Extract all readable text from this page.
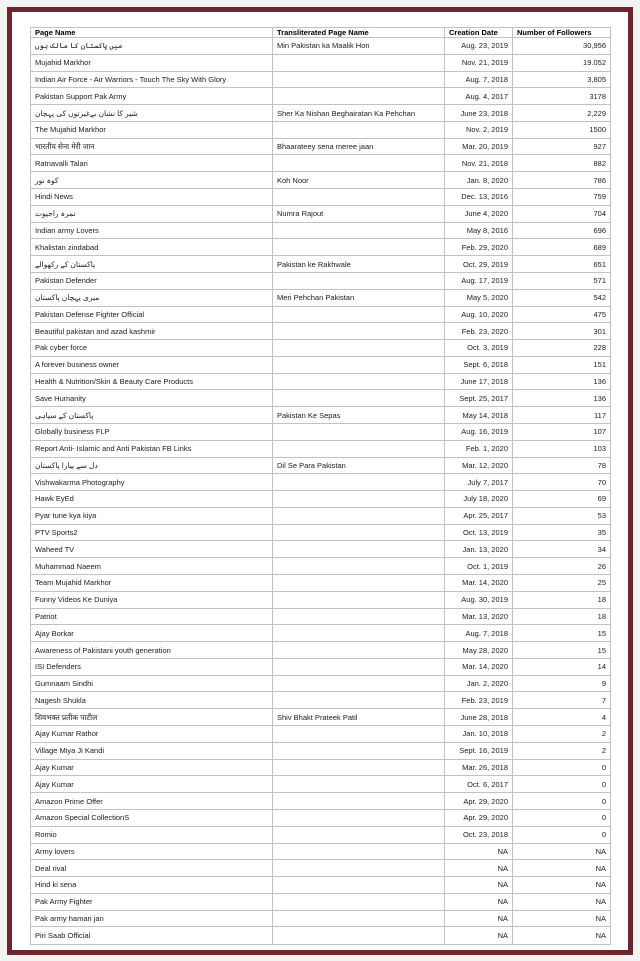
Page Name	Transliterated Page Name	Creation Date	Number of Followers
میں پاکستان کا مالک ہوں	Min Pakistan ka Maalik Hon	Aug. 23, 2019	30,956
Mujahid Markhor		Nov. 21, 2019	19.052
Indian Air Force - Air Warriors - Touch The Sky With Glory		Aug. 7, 2018	3,805
Pakistan Support Pak Army		Aug. 4, 2017	3178
شیر کا نشان بےغیرتوں کی پہچان	Sher Ka Nishan Beghairatan Ka Pehchan	June 23, 2018	2,229
The Mujahid Markhor		Nov. 2, 2019	1500
भारतीय सेना मेरी जान	Bhaarateey sena meree jaan	Mar. 20, 2019	927
Ratnavalli Talari		Nov. 21, 2018	882
کوہ نور	Koh Noor	Jan. 8, 2020	786
Hindi News		Dec. 13, 2016	759
نمرہ راجپوت	Numra Rajout	June 4, 2020	704
Indian army Lovers		May 8, 2016	696
Khalistan zindabad		Feb. 29, 2020	689
پاکستان کے رکھوالے	Pakistan ke Rakhwale	Oct. 29, 2019	651
Pakistan Defender		Aug. 17, 2019	571
میری پہچان پاکستان	Meri Pehchan Pakistan	May 5, 2020	542
Pakistan Defense Fighter Official		Aug. 10, 2020	475
Beautiful pakistan and azad kashmir		Feb. 23, 2020	301
Pak cyber force		Oct. 3, 2019	228
A forever business owner		Sept. 6, 2018	151
Health & Nutrition/Skin & Beauty Care Products		June 17, 2018	136
Save Humanity		Sept. 25, 2017	136
پاکستان کے سپاہی	Pakistan Ke Sepas	May 14, 2018	117
Globally business FLP		Aug. 16, 2019	107
Report Anti- Islamic and Anti Pakistan FB Links		Feb. 1, 2020	103
دل سے پیارا پاکستان	Dil Se Para Pakistan	Mar. 12, 2020	78
Vishwakarma Photography		July 7, 2017	70
Hawk EyEd		July 18, 2020	69
Pyar tune kya kiya		Apr. 25, 2017	53
PTV Sports2		Oct. 13, 2019	35
Waheed TV		Jan. 13, 2020	34
Muhammad Naeem		Oct. 1, 2019	26
Team Mujahid Markhor		Mar. 14, 2020	25
Funny Videos Ke Duniya		Aug. 30, 2019	18
Patriot		Mar. 13, 2020	18
Ajay Borkar		Aug. 7, 2018	15
Awareness of Pakistani youth generation		May 28, 2020	15
ISI Defenders		Mar. 14, 2020	14
Gumnaam Sindhi		Jan. 2, 2020	9
Nagesh Shukla		Feb. 23, 2019	7
शिवभक्त प्रतीक पाटील	Shiv Bhakt Prateek Patil	June 28, 2018	4
Ajay Kumar Rathor		Jan. 10, 2018	2
Village Miya Ji Kandi		Sept. 16, 2019	2
Ajay Kumar		Mar. 26, 2018	0
Ajay Kumar		Oct. 6, 2017	0
Amazon Prime Offer		Apr. 29, 2020	0
Amazon Special CollectionS		Apr. 29, 2020	0
Romio		Oct. 23, 2018	0
Army lovers		NA	NA
Deal rival		NA	NA
Hind ki sena		NA	NA
Pak Army Fighter		NA	NA
Pak army hamari jan		NA	NA
Piri Saab Official		NA	NA
